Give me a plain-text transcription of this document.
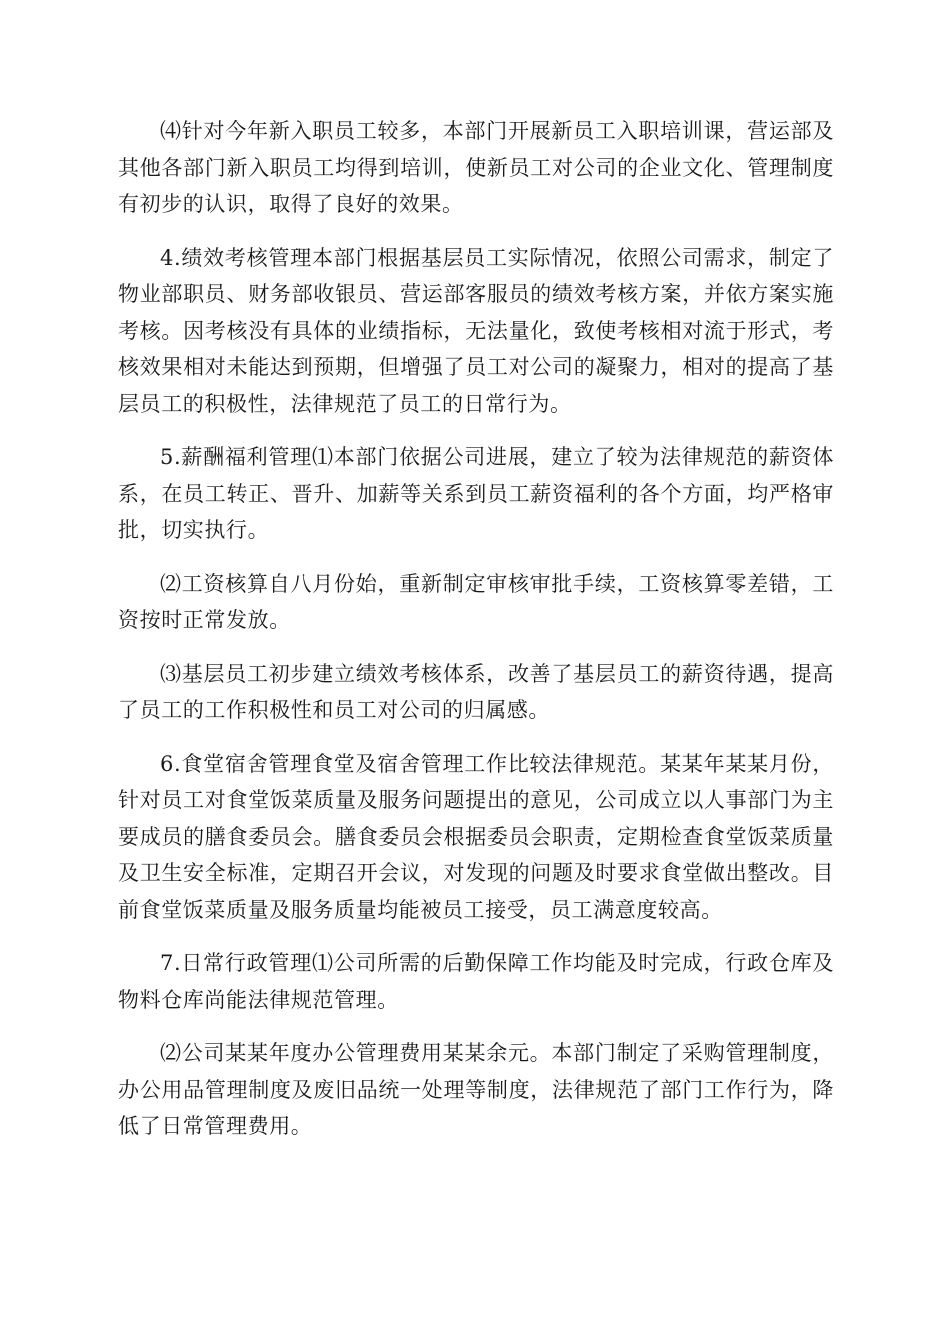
⑷针对今年新入职员工较多，本部门开展新员工入职培训课，营运部及其他各部门新入职员工均得到培训，使新员工对公司的企业文化、管理制度有初步的认识，取得了良好的效果。

4.绩效考核管理本部门根据基层员工实际情况，依照公司需求，制定了物业部职员、财务部收银员、营运部客服员的绩效考核方案，并依方案实施考核。因考核没有具体的业绩指标，无法量化，致使考核相对流于形式，考核效果相对未能达到预期，但增强了员工对公司的凝聚力，相对的提高了基层员工的积极性，法律规范了员工的日常行为。

5.薪酬福利管理⑴本部门依据公司进展，建立了较为法律规范的薪资体系，在员工转正、晋升、加薪等关系到员工薪资福利的各个方面，均严格审批，切实执行。

⑵工资核算自八月份始，重新制定审核审批手续，工资核算零差错，工资按时正常发放。

⑶基层员工初步建立绩效考核体系，改善了基层员工的薪资待遇，提高了员工的工作积极性和员工对公司的归属感。

6.食堂宿舍管理食堂及宿舍管理工作比较法律规范。某某年某某月份，针对员工对食堂饭菜质量及服务问题提出的意见，公司成立以人事部门为主要成员的膳食委员会。膳食委员会根据委员会职责，定期检查食堂饭菜质量及卫生安全标准，定期召开会议，对发现的问题及时要求食堂做出整改。目前食堂饭菜质量及服务质量均能被员工接受，员工满意度较高。

7.日常行政管理⑴公司所需的后勤保障工作均能及时完成，行政仓库及物料仓库尚能法律规范管理。

⑵公司某某年度办公管理费用某某余元。本部门制定了采购管理制度，办公用品管理制度及废旧品统一处理等制度，法律规范了部门工作行为，降低了日常管理费用。
